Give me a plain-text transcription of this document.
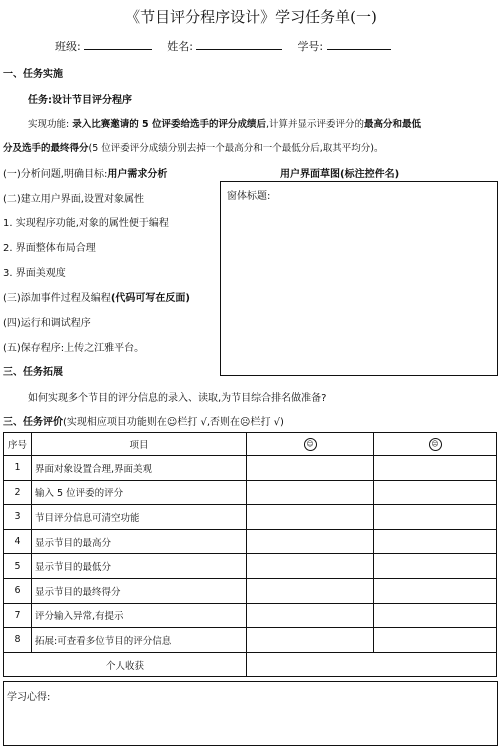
《节目评分程序设计》学习任务单(一)
班级:	姓名:	学号:
一、任务实施
任务:设计节目评分程序
实现功能: 录入比赛邀请的 5 位评委给选手的评分成绩后,计算并显示评委评分的最高分和最低
分及选手的最终得分(5 位评委评分成绩分别去掉一个最高分和一个最低分后,取其平均分)。
(一)分析问题,明确目标:用户需求分析	用户界面草图(标注控件名)
(二)建立用户界面,设置对象属性
1. 实现程序功能,对象的属性便于编程
2. 界面整体布局合理
3. 界面美观度
(三)添加事件过程及编程(代码可写在反面)
(四)运行和调试程序
(五)保存程序:上传之江雅平台。
窗体标题:
三、任务拓展
如何实现多个节目的评分信息的录入、读取,为节目综合排名做准备?
三、任务评价(实现相应项目功能则在☺栏打 √,否则在☹栏打 √)
序号	项目	☺	☹
1	界面对象设置合理,界面美观		
2	输入 5 位评委的评分		
3	节目评分信息可清空功能		
4	显示节目的最高分		
5	显示节目的最低分		
6	显示节目的最终得分		
7	评分输入异常,有提示		
8	拓展:可查看多位节目的评分信息		
个人收获			
学习心得:
